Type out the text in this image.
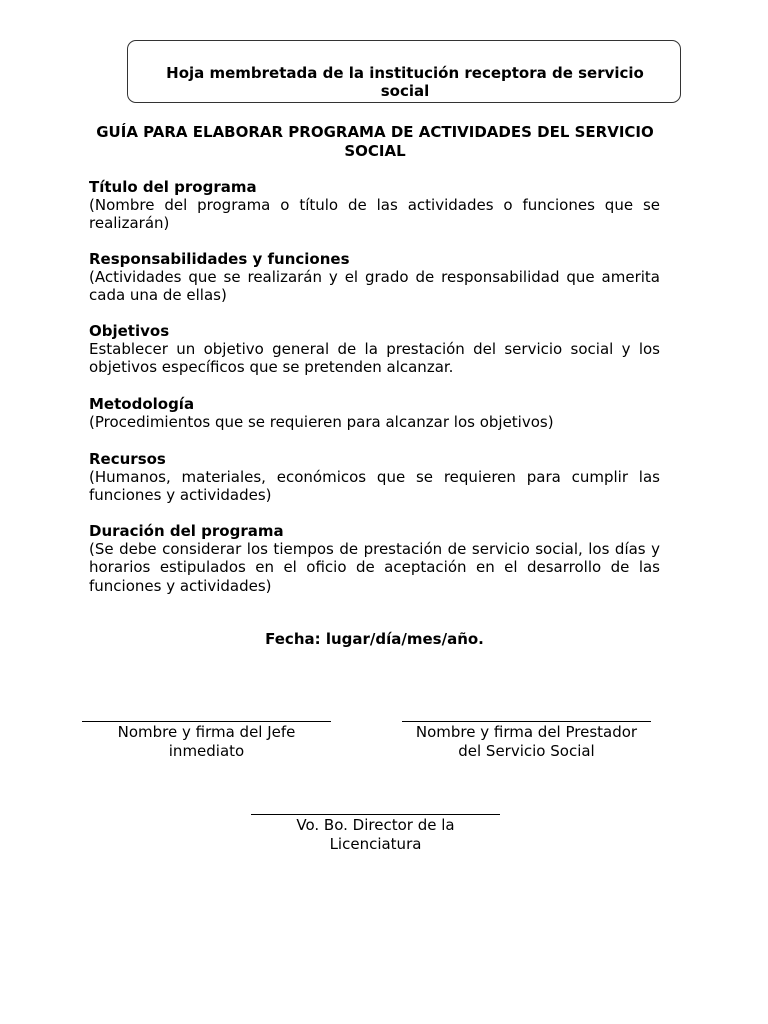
Hoja membretada de la institución receptora de servicio social
GUÍA PARA ELABORAR PROGRAMA DE ACTIVIDADES DEL SERVICIO SOCIAL
Título del programa
(Nombre del programa o título de las actividades o funciones que se realizarán)
Responsabilidades y funciones
(Actividades que se realizarán y el grado de responsabilidad que amerita cada una de ellas)
Objetivos
Establecer un objetivo general de la prestación del servicio social y los objetivos específicos que se pretenden alcanzar.
Metodología
(Procedimientos que se requieren para alcanzar los objetivos)
Recursos
(Humanos, materiales, económicos que se requieren para cumplir las funciones y actividades)
Duración del programa
(Se debe considerar los tiempos de prestación de servicio social, los días y horarios estipulados en el oficio de aceptación en el desarrollo de las funciones y actividades)
Fecha: lugar/día/mes/año.
Nombre y firma del Jefe
inmediato
Nombre y firma del Prestador
del Servicio Social
Vo. Bo. Director de la
Licenciatura
